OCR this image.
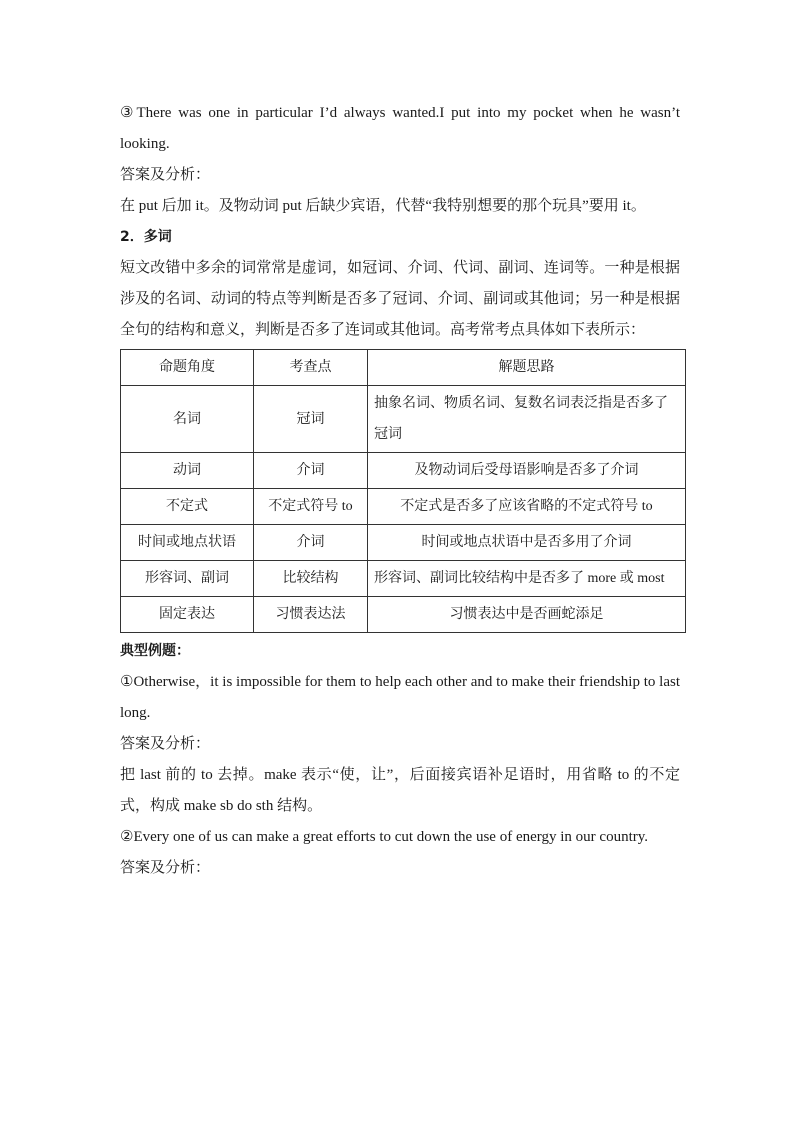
③There was one in particular I’d always wanted.I put into my pocket when he wasn’t looking.

答案及分析：

在 put 后加 it。及物动词 put 后缺少宾语，代替“我特别想要的那个玩具”要用 it。

2．多词

短文改错中多余的词常常是虚词，如冠词、介词、代词、副词、连词等。一种是根据涉及的名词、动词的特点等判断是否多了冠词、介词、副词或其他词；另一种是根据全句的结构和意义，判断是否多了连词或其他词。高考常考点具体如下表所示：

命题角度	考查点	解题思路
名词	冠词	抽象名词、物质名词、复数名词表泛指是否多了冠词
动词	介词	及物动词后受母语影响是否多了介词
不定式	不定式符号 to	不定式是否多了应该省略的不定式符号 to
时间或地点状语	介词	时间或地点状语中是否多用了介词
形容词、副词	比较结构	形容词、副词比较结构中是否多了 more 或 most
固定表达	习惯表达法	习惯表达中是否画蛇添足

典型例题：

①Otherwise，it is impossible for them to help each other and to make their friendship to last long.

答案及分析：

把 last 前的 to 去掉。make 表示“使，让”，后面接宾语补足语时，用省略 to 的不定式，构成 make sb do sth 结构。

②Every one of us can make a great efforts to cut down the use of energy in our country.

答案及分析：
